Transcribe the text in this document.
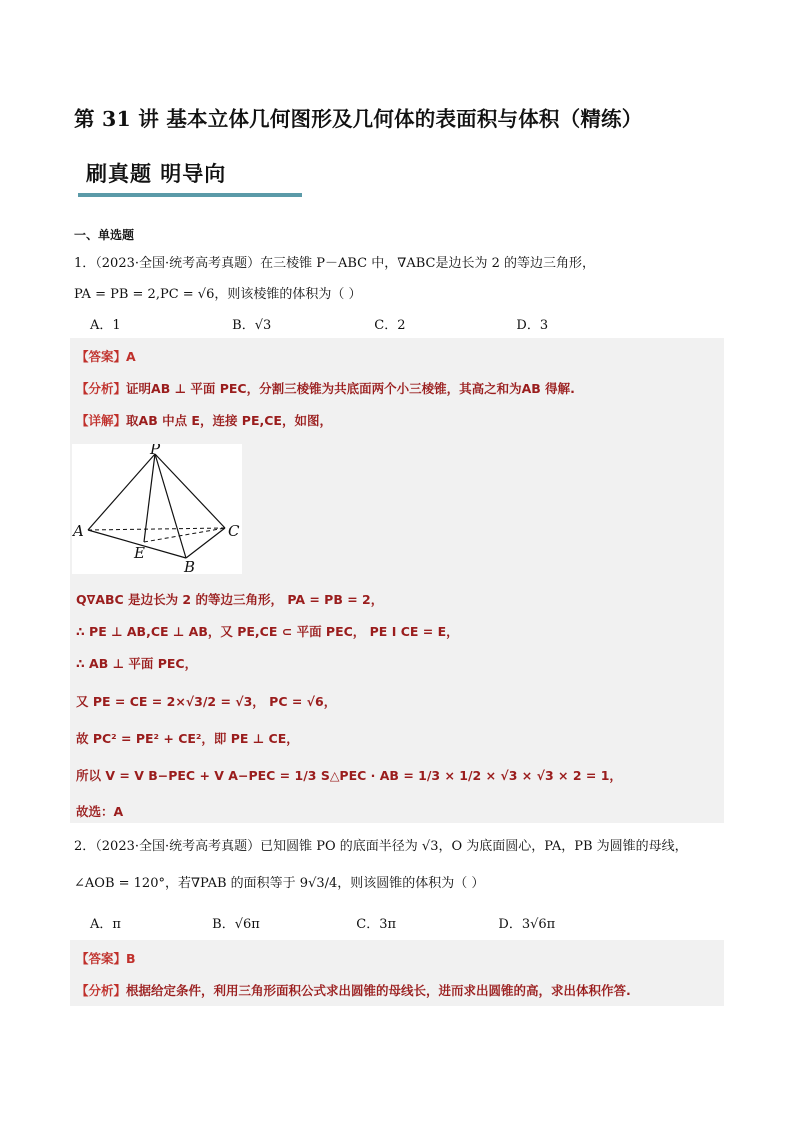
第 31 讲 基本立体几何图形及几何体的表面积与体积（精练）
刷真题 明导向
一、单选题
1．（2023·全国·统考高考真题）在三棱锥 P－ABC 中，∇ABC是边长为 2 的等边三角形，
PA = PB = 2,PC = √6，则该棱锥的体积为（ ）
A．1	B．√3	C．2	D．3
【答案】A
【分析】证明AB ⊥ 平面 PEC，分割三棱锥为共底面两个小三棱锥，其高之和为AB 得解.
【详解】取AB 中点 E，连接 PE,CE，如图，
P
A	C
E
B
Q∇ABC 是边长为 2 的等边三角形， PA = PB = 2，
∴ PE ⊥ AB,CE ⊥ AB，又 PE,CE ⊂ 平面 PEC， PE I CE = E，
∴ AB ⊥ 平面 PEC，
又 PE = CE = 2×√3/2 = √3， PC = √6，
故 PC² = PE² + CE²，即 PE ⊥ CE，
所以 V = V B−PEC + V A−PEC = 1/3 S△PEC · AB = 1/3 × 1/2 × √3 × √3 × 2 = 1，
故选：A
2．（2023·全国·统考高考真题）已知圆锥 PO 的底面半径为 √3，O 为底面圆心，PA，PB 为圆锥的母线，
∠AOB = 120°，若∇PAB 的面积等于 9√3/4，则该圆锥的体积为（ ）
A．π	B．√6π	C．3π	D．3√6π
【答案】B
【分析】根据给定条件，利用三角形面积公式求出圆锥的母线长，进而求出圆锥的高，求出体积作答.
